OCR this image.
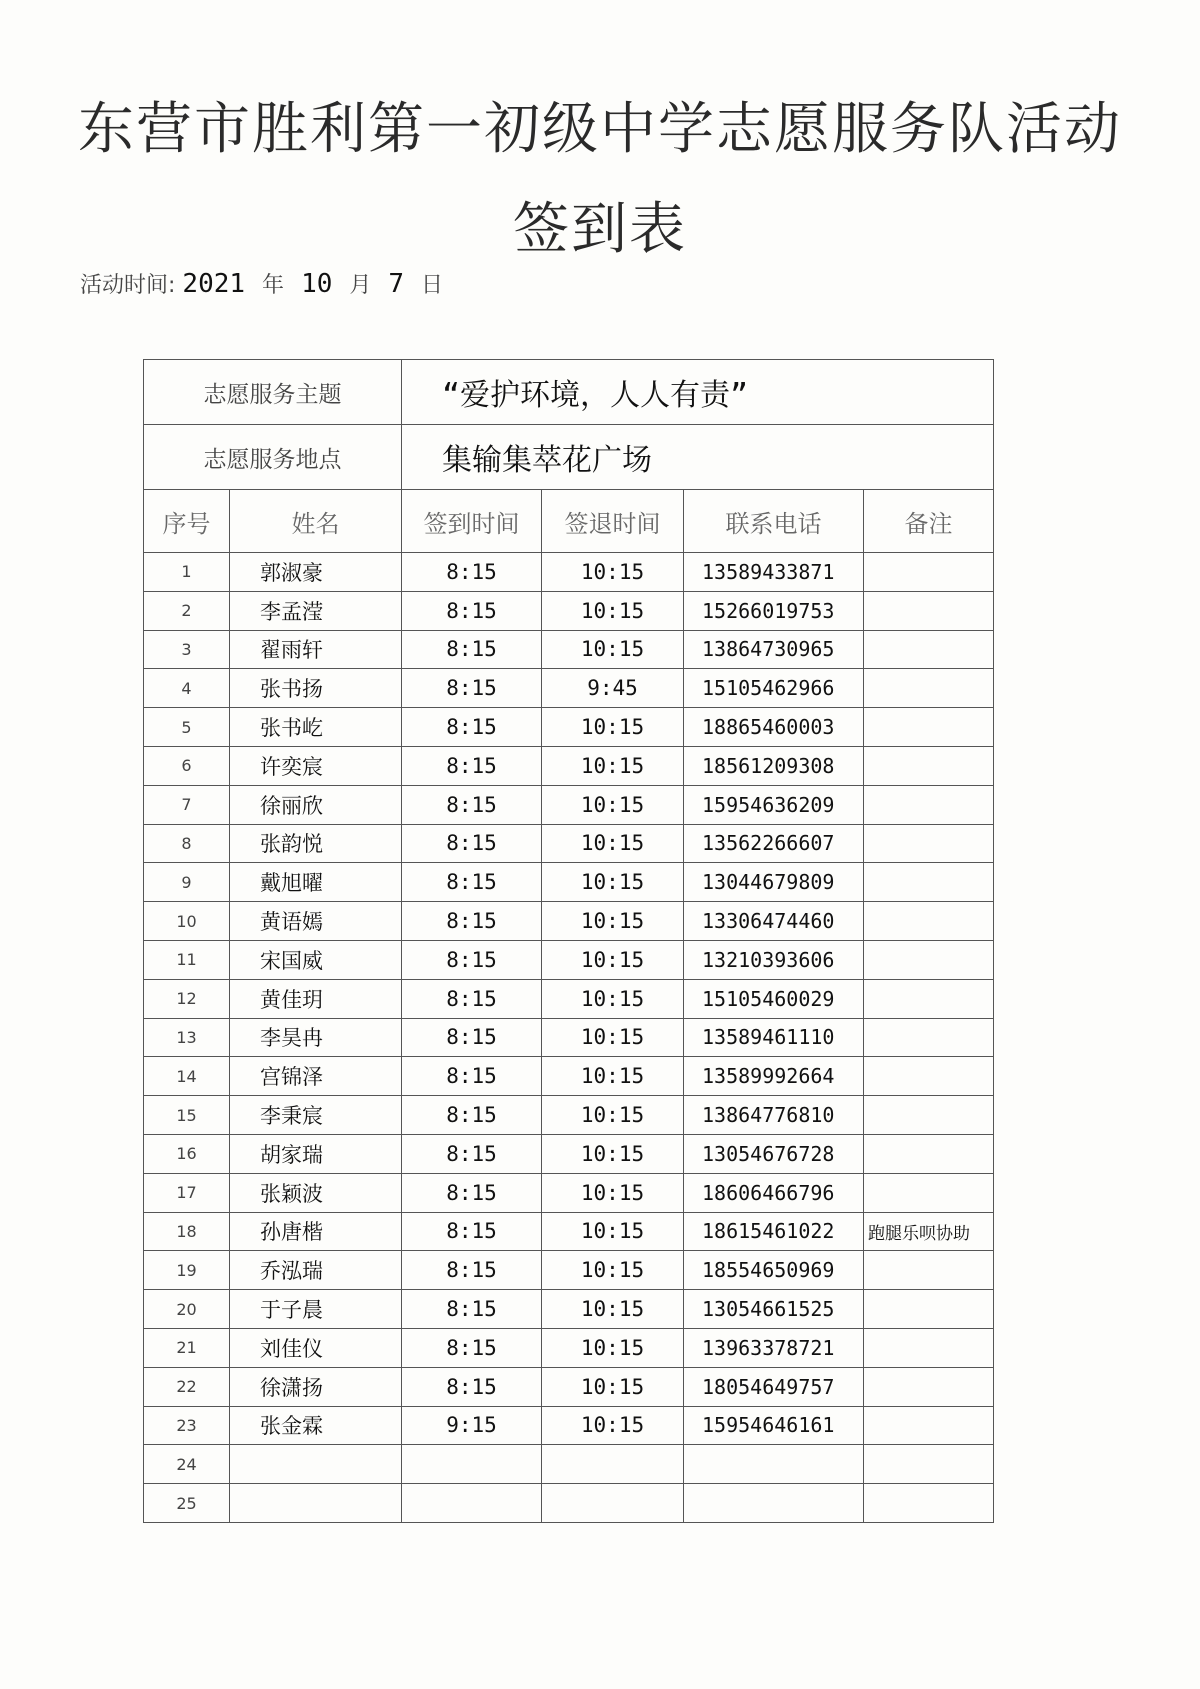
东营市胜利第一初级中学志愿服务队活动签到表
活动时间: 2021 年 10 月 7 日
志愿服务主题		“爱护环境，人人有责”			
志愿服务地点		集输集萃花广场			
序号	姓名	签到时间	签退时间	联系电话	备注
1	郭淑豪	8:15	10:15	13589433871	
2	李孟滢	8:15	10:15	15266019753	
3	翟雨轩	8:15	10:15	13864730965	
4	张书扬	8:15	9:45	15105462966	
5	张书屹	8:15	10:15	18865460003	
6	许奕宸	8:15	10:15	18561209308	
7	徐丽欣	8:15	10:15	15954636209	
8	张韵悦	8:15	10:15	13562266607	
9	戴旭曜	8:15	10:15	13044679809	
10	黄语嫣	8:15	10:15	13306474460	
11	宋国威	8:15	10:15	13210393606	
12	黄佳玥	8:15	10:15	15105460029	
13	李昊冉	8:15	10:15	13589461110	
14	宫锦泽	8:15	10:15	13589992664	
15	李秉宸	8:15	10:15	13864776810	
16	胡家瑞	8:15	10:15	13054676728	
17	张颖波	8:15	10:15	18606466796	
18	孙唐楷	8:15	10:15	18615461022	跑腿乐呗协助
19	乔泓瑞	8:15	10:15	18554650969	
20	于子晨	8:15	10:15	13054661525	
21	刘佳仪	8:15	10:15	13963378721	
22	徐潇扬	8:15	10:15	18054649757	
23	张金霖	9:15	10:15	15954646161	
24					
25					
